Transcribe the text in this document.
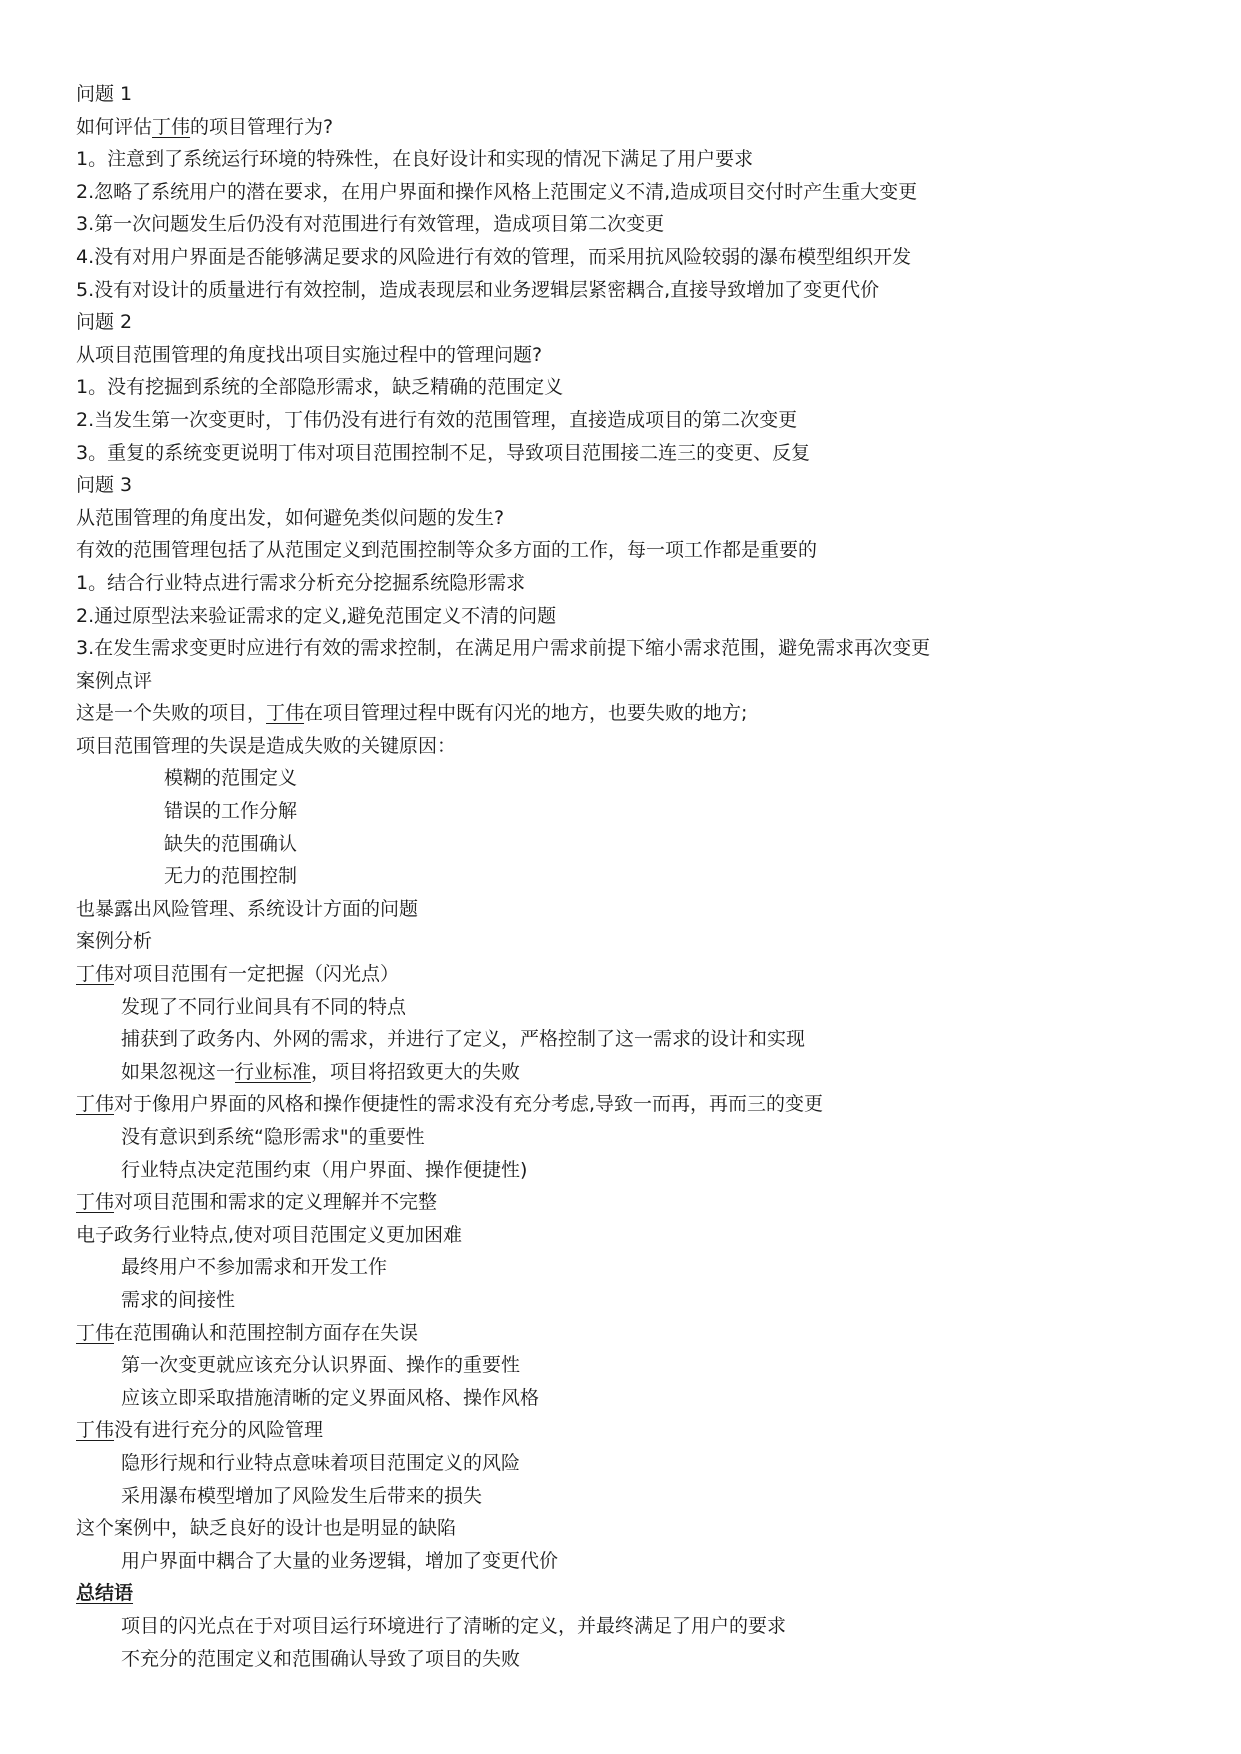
问题 1
如何评估丁伟的项目管理行为?
1。注意到了系统运行环境的特殊性，在良好设计和实现的情况下满足了用户要求
2.忽略了系统用户的潜在要求，在用户界面和操作风格上范围定义不清,造成项目交付时产生重大变更
3.第一次问题发生后仍没有对范围进行有效管理，造成项目第二次变更
4.没有对用户界面是否能够满足要求的风险进行有效的管理，而采用抗风险较弱的瀑布模型组织开发
5.没有对设计的质量进行有效控制，造成表现层和业务逻辑层紧密耦合,直接导致增加了变更代价
问题 2
从项目范围管理的角度找出项目实施过程中的管理问题?
1。没有挖掘到系统的全部隐形需求，缺乏精确的范围定义
2.当发生第一次变更时，丁伟仍没有进行有效的范围管理，直接造成项目的第二次变更
3。重复的系统变更说明丁伟对项目范围控制不足，导致项目范围接二连三的变更、反复
问题 3
从范围管理的角度出发，如何避免类似问题的发生?
有效的范围管理包括了从范围定义到范围控制等众多方面的工作，每一项工作都是重要的
1。结合行业特点进行需求分析充分挖掘系统隐形需求
2.通过原型法来验证需求的定义,避免范围定义不清的问题
3.在发生需求变更时应进行有效的需求控制，在满足用户需求前提下缩小需求范围，避免需求再次变更
案例点评
这是一个失败的项目，丁伟在项目管理过程中既有闪光的地方，也要失败的地方;
项目范围管理的失误是造成失败的关键原因：
模糊的范围定义
错误的工作分解
缺失的范围确认
无力的范围控制
也暴露出风险管理、系统设计方面的问题
案例分析
丁伟对项目范围有一定把握（闪光点）
发现了不同行业间具有不同的特点
捕获到了政务内、外网的需求，并进行了定义，严格控制了这一需求的设计和实现
如果忽视这一行业标准，项目将招致更大的失败
丁伟对于像用户界面的风格和操作便捷性的需求没有充分考虑,导致一而再，再而三的变更
没有意识到系统“隐形需求"的重要性
行业特点决定范围约束（用户界面、操作便捷性)
丁伟对项目范围和需求的定义理解并不完整
电子政务行业特点,使对项目范围定义更加困难
最终用户不参加需求和开发工作
需求的间接性
丁伟在范围确认和范围控制方面存在失误
第一次变更就应该充分认识界面、操作的重要性
应该立即采取措施清晰的定义界面风格、操作风格
丁伟没有进行充分的风险管理
隐形行规和行业特点意味着项目范围定义的风险
采用瀑布模型增加了风险发生后带来的损失
这个案例中，缺乏良好的设计也是明显的缺陷
用户界面中耦合了大量的业务逻辑，增加了变更代价
总结语
项目的闪光点在于对项目运行环境进行了清晰的定义，并最终满足了用户的要求
不充分的范围定义和范围确认导致了项目的失败
